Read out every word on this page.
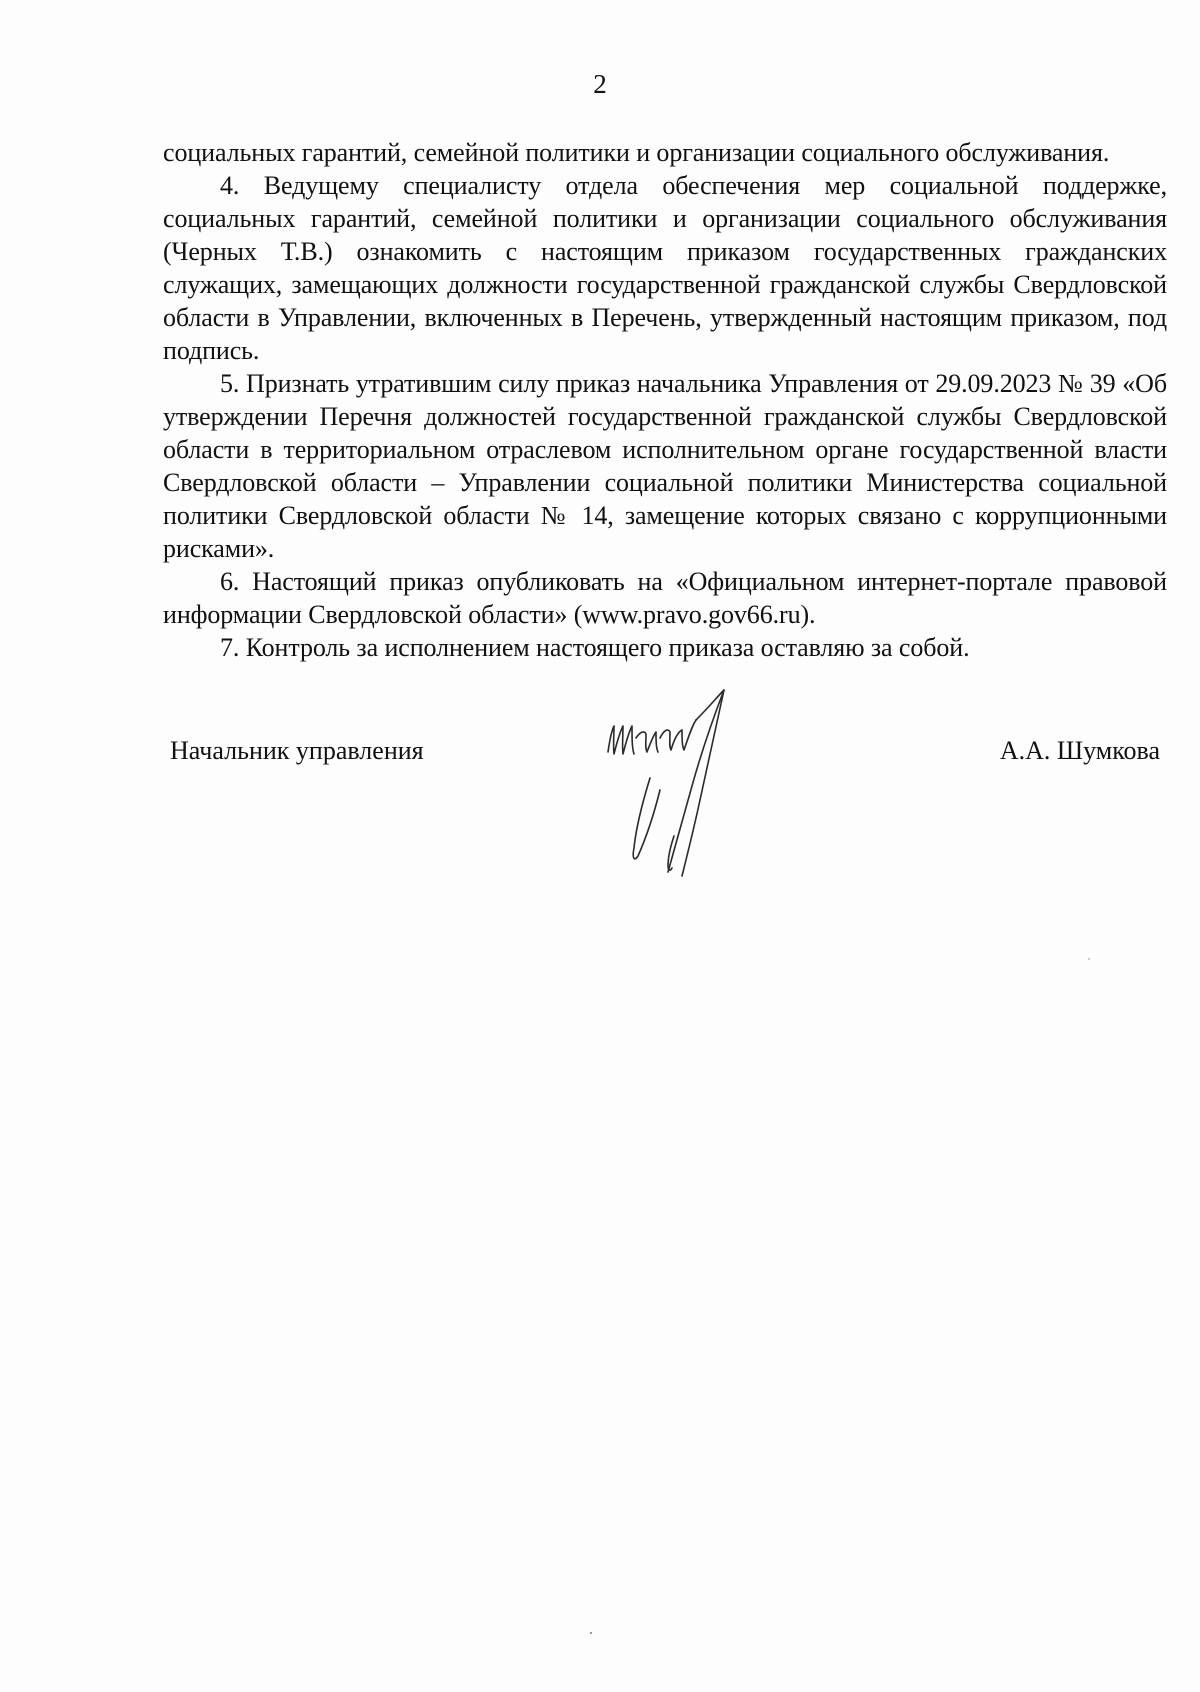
2

социальных гарантий, семейной политики и организации социального обслуживания.

4. Ведущему специалисту отдела обеспечения мер социальной поддержке, социальных гарантий, семейной политики и организации социального обслуживания (Черных Т.В.) ознакомить с настоящим приказом государственных гражданских служащих, замещающих должности государственной гражданской службы Свердловской области в Управлении, включенных в Перечень, утвержденный настоящим приказом, под подпись.

5. Признать утратившим силу приказ начальника Управления от 29.09.2023 № 39 «Об утверждении Перечня должностей государственной гражданской службы Свердловской области в территориальном отраслевом исполнительном органе государственной власти Свердловской области – Управлении социальной политики Министерства социальной политики Свердловской области № 14, замещение которых связано с коррупционными рисками».

6. Настоящий приказ опубликовать на «Официальном интернет-портале правовой информации Свердловской области» (www.pravo.gov66.ru).

7. Контроль за исполнением настоящего приказа оставляю за собой.

Начальник управления	А.А. Шумкова
